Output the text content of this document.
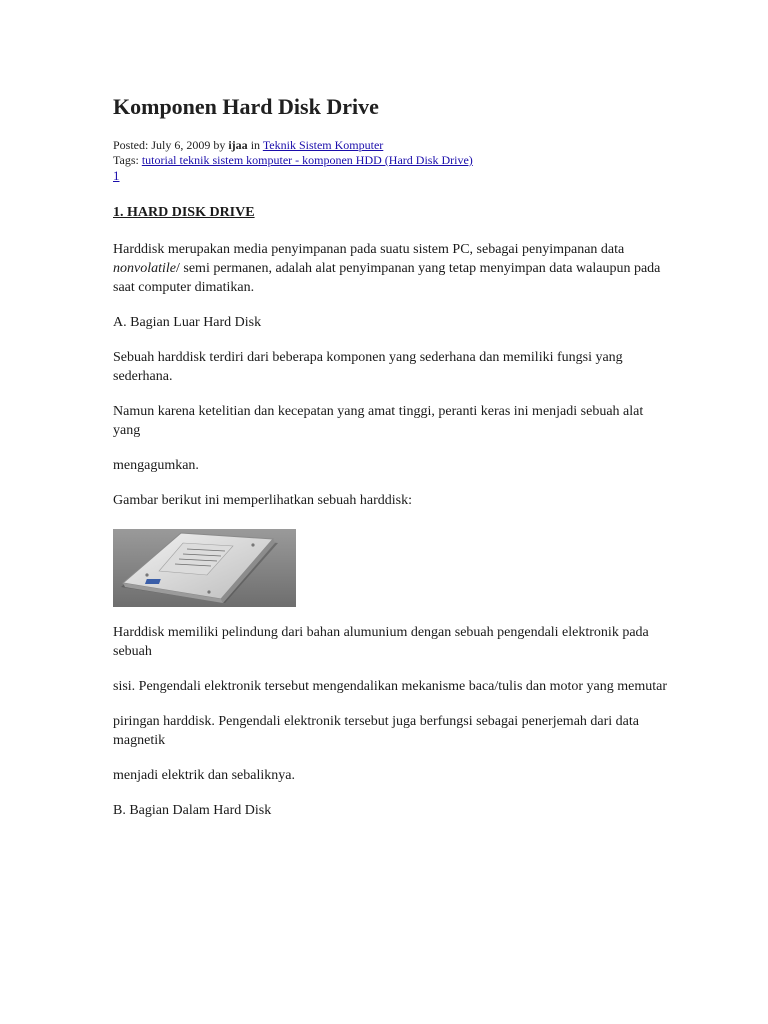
Komponen Hard Disk Drive
Posted: July 6, 2009 by ijaa in Teknik Sistem Komputer
Tags: tutorial teknik sistem komputer - komponen HDD (Hard Disk Drive)
1
1. HARD DISK DRIVE

Harddisk merupakan media penyimpanan pada suatu sistem PC, sebagai penyimpanan data nonvolatile/ semi permanen, adalah alat penyimpanan yang tetap menyimpan data walaupun pada saat computer dimatikan.

A. Bagian Luar Hard Disk

Sebuah harddisk terdiri dari beberapa komponen yang sederhana dan memiliki fungsi yang sederhana.

Namun karena ketelitian dan kecepatan yang amat tinggi, peranti keras ini menjadi sebuah alat yang

mengagumkan.

Gambar berikut ini memperlihatkan sebuah harddisk:

Harddisk memiliki pelindung dari bahan alumunium dengan sebuah pengendali elektronik pada sebuah

sisi. Pengendali elektronik tersebut mengendalikan mekanisme baca/tulis dan motor yang memutar

piringan harddisk. Pengendali elektronik tersebut juga berfungsi sebagai penerjemah dari data magnetik

menjadi elektrik dan sebaliknya.

B. Bagian Dalam Hard Disk
